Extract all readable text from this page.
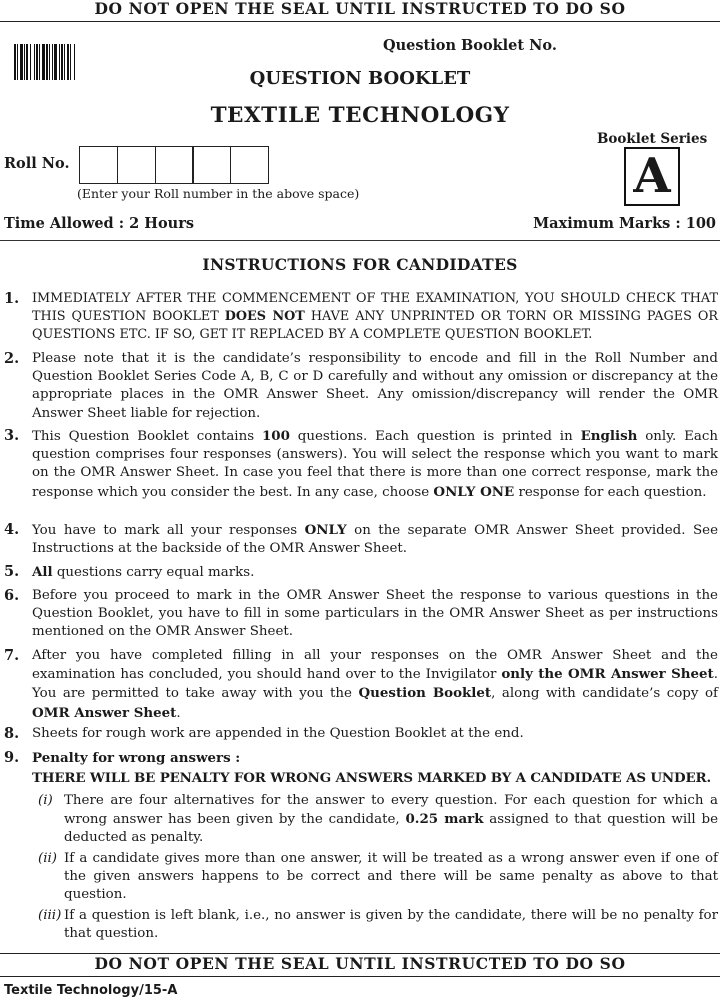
DO NOT OPEN THE SEAL UNTIL INSTRUCTED TO DO SO
Question Booklet No.
QUESTION BOOKLET
TEXTILE TECHNOLOGY
Booklet Series
A
Roll No.
(Enter your Roll number in the above space)
Time Allowed : 2 Hours	Maximum Marks : 100
INSTRUCTIONS FOR CANDIDATES
1. IMMEDIATELY AFTER THE COMMENCEMENT OF THE EXAMINATION, YOU SHOULD CHECK THAT THIS QUESTION BOOKLET DOES NOT HAVE ANY UNPRINTED OR TORN OR MISSING PAGES OR QUESTIONS ETC. IF SO, GET IT REPLACED BY A COMPLETE QUESTION BOOKLET.
2. Please note that it is the candidate’s responsibility to encode and fill in the Roll Number and Question Booklet Series Code A, B, C or D carefully and without any omission or discrepancy at the appropriate places in the OMR Answer Sheet. Any omission/discrepancy will render the OMR Answer Sheet liable for rejection.
3. This Question Booklet contains 100 questions. Each question is printed in English only. Each question comprises four responses (answers). You will select the response which you want to mark on the OMR Answer Sheet. In case you feel that there is more than one correct response, mark the response which you consider the best. In any case, choose ONLY ONE response for each question.
4. You have to mark all your responses ONLY on the separate OMR Answer Sheet provided. See Instructions at the backside of the OMR Answer Sheet.
5. All questions carry equal marks.
6. Before you proceed to mark in the OMR Answer Sheet the response to various questions in the Question Booklet, you have to fill in some particulars in the OMR Answer Sheet as per instructions mentioned on the OMR Answer Sheet.
7. After you have completed filling in all your responses on the OMR Answer Sheet and the examination has concluded, you should hand over to the Invigilator only the OMR Answer Sheet. You are permitted to take away with you the Question Booklet, along with candidate’s copy of OMR Answer Sheet.
8. Sheets for rough work are appended in the Question Booklet at the end.
9. Penalty for wrong answers :
THERE WILL BE PENALTY FOR WRONG ANSWERS MARKED BY A CANDIDATE AS UNDER.
(i) There are four alternatives for the answer to every question. For each question for which a wrong answer has been given by the candidate, 0.25 mark assigned to that question will be deducted as penalty.
(ii) If a candidate gives more than one answer, it will be treated as a wrong answer even if one of the given answers happens to be correct and there will be same penalty as above to that question.
(iii) If a question is left blank, i.e., no answer is given by the candidate, there will be no penalty for that question.
DO NOT OPEN THE SEAL UNTIL INSTRUCTED TO DO SO
Textile Technology/15-A
